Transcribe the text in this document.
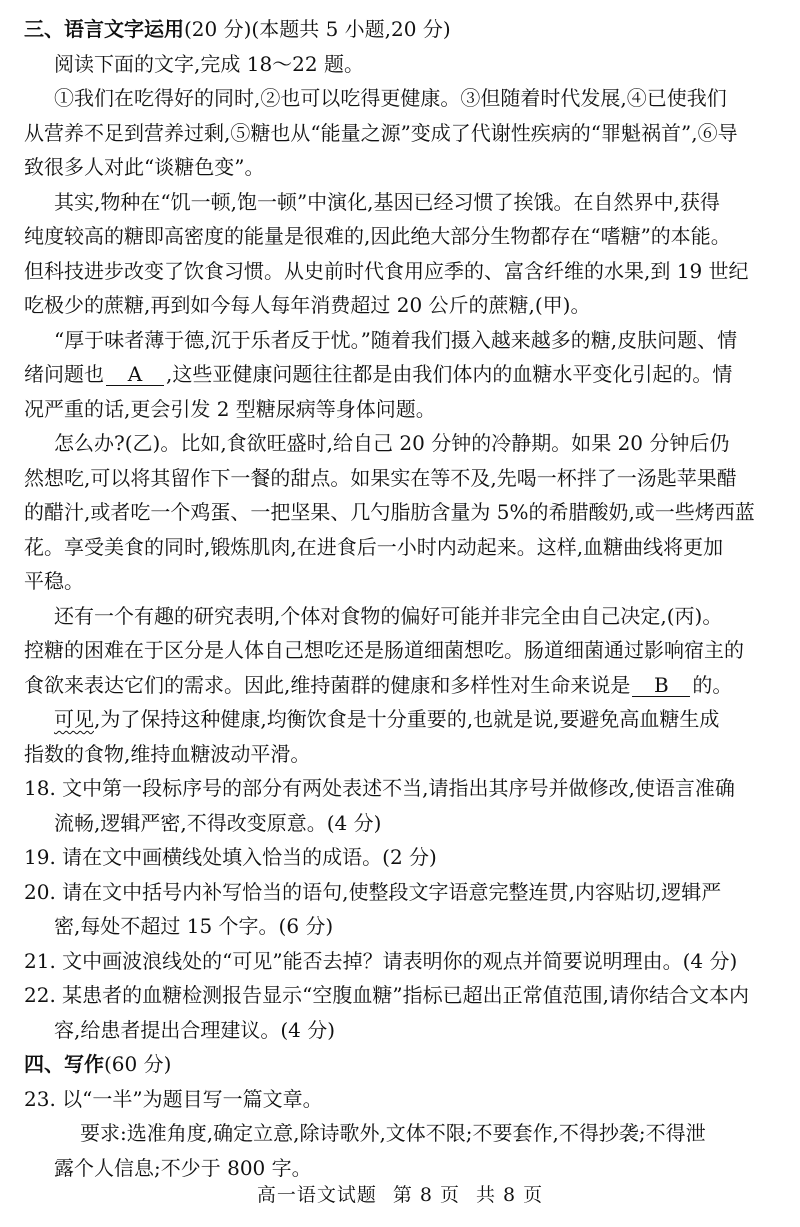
三、语言文字运用(20 分)(本题共 5 小题,20 分)
阅读下面的文字,完成 18～22 题。
①我们在吃得好的同时,②也可以吃得更健康。③但随着时代发展,④已使我们
从营养不足到营养过剩,⑤糖也从“能量之源”变成了代谢性疾病的“罪魁祸首”,⑥导
致很多人对此“谈糖色变”。
其实,物种在“饥一顿,饱一顿”中演化,基因已经习惯了挨饿。在自然界中,获得
纯度较高的糖即高密度的能量是很难的,因此绝大部分生物都存在“嗜糖”的本能。
但科技进步改变了饮食习惯。从史前时代食用应季的、富含纤维的水果,到 19 世纪
吃极少的蔗糖,再到如今每人每年消费超过 20 公斤的蔗糖,(甲)。
“厚于味者薄于德,沉于乐者反于忧。”随着我们摄入越来越多的糖,皮肤问题、情
绪问题也 A ,这些亚健康问题往往都是由我们体内的血糖水平变化引起的。情
况严重的话,更会引发 2 型糖尿病等身体问题。
怎么办?(乙)。比如,食欲旺盛时,给自己 20 分钟的冷静期。如果 20 分钟后仍
然想吃,可以将其留作下一餐的甜点。如果实在等不及,先喝一杯拌了一汤匙苹果醋
的醋汁,或者吃一个鸡蛋、一把坚果、几勺脂肪含量为 5%的希腊酸奶,或一些烤西蓝
花。享受美食的同时,锻炼肌肉,在进食后一小时内动起来。这样,血糖曲线将更加
平稳。
还有一个有趣的研究表明,个体对食物的偏好可能并非完全由自己决定,(丙)。
控糖的困难在于区分是人体自己想吃还是肠道细菌想吃。肠道细菌通过影响宿主的
食欲来表达它们的需求。因此,维持菌群的健康和多样性对生命来说是 B 的。
可见,为了保持这种健康,均衡饮食是十分重要的,也就是说,要避免高血糖生成
指数的食物,维持血糖波动平滑。
18. 文中第一段标序号的部分有两处表述不当,请指出其序号并做修改,使语言准确
流畅,逻辑严密,不得改变原意。(4 分)
19. 请在文中画横线处填入恰当的成语。(2 分)
20. 请在文中括号内补写恰当的语句,使整段文字语意完整连贯,内容贴切,逻辑严
密,每处不超过 15 个字。(6 分)
21. 文中画波浪线处的“可见”能否去掉？请表明你的观点并简要说明理由。(4 分)
22. 某患者的血糖检测报告显示“空腹血糖”指标已超出正常值范围,请你结合文本内
容,给患者提出合理建议。(4 分)
四、写作(60 分)
23. 以“一半”为题目写一篇文章。
要求:选准角度,确定立意,除诗歌外,文体不限;不要套作,不得抄袭;不得泄
露个人信息;不少于 800 字。
高一语文试题 第 8 页 共 8 页
